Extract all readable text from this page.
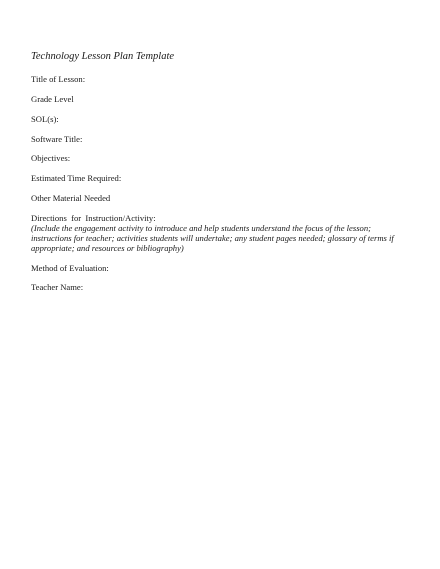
Technology Lesson Plan Template
Title of Lesson:
Grade Level
SOL(s):
Software Title:
Objectives:
Estimated Time Required:
Other Material Needed
Directions  for  Instruction/Activity:
(Include the engagement activity to introduce and help students understand the focus of the lesson; instructions for teacher; activities students will undertake; any student pages needed; glossary of terms if appropriate; and resources or bibliography)
Method of Evaluation:
Teacher Name:
